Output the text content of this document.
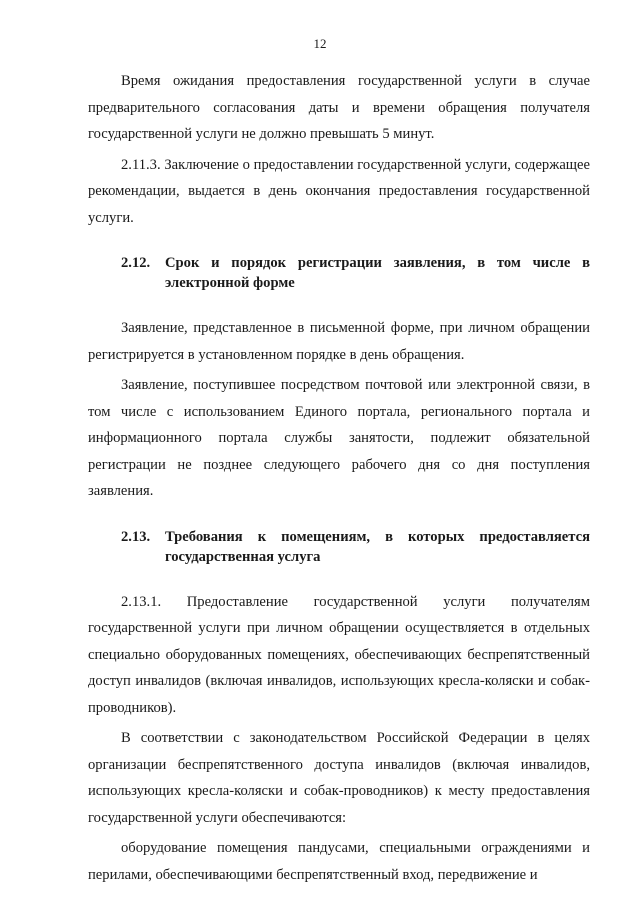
12

Время ожидания предоставления государственной услуги в случае предварительного согласования даты и времени обращения получателя государственной услуги не должно превышать 5 минут.

2.11.3. Заключение о предоставлении государственной услуги, содержащее рекомендации, выдается в день окончания предоставления государственной услуги.

2.12.	Срок и порядок регистрации заявления, в том числе в электронной форме

Заявление, представленное в письменной форме, при личном обращении регистрируется в установленном порядке в день обращения.

Заявление, поступившее посредством почтовой или электронной связи, в том числе с использованием Единого портала, регионального портала и информационного портала службы занятости, подлежит обязательной регистрации не позднее следующего рабочего дня со дня поступления заявления.

2.13.	Требования к помещениям, в которых предоставляется государственная услуга

2.13.1. Предоставление государственной услуги получателям государственной услуги при личном обращении осуществляется в отдельных специально оборудованных помещениях, обеспечивающих беспрепятственный доступ инвалидов (включая инвалидов, использующих кресла-коляски и собак-проводников).

В соответствии с законодательством Российской Федерации в целях организации беспрепятственного доступа инвалидов (включая инвалидов, использующих кресла-коляски и собак-проводников) к месту предоставления государственной услуги обеспечиваются:

оборудование помещения пандусами, специальными ограждениями и перилами, обеспечивающими беспрепятственный вход, передвижение и
